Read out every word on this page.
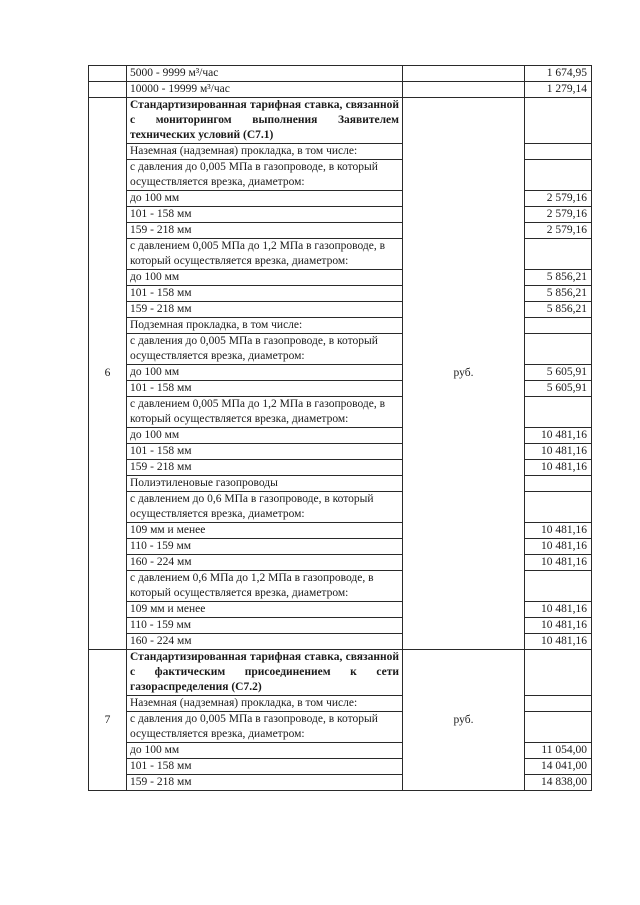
	5000 - 9999 м³/час		1 674,95
	10000 - 19999 м³/час		1 279,14
6	Стандартизированная тарифная ставка, связанной с мониторингом выполнения Заявителем технических условий (С7.1)	руб.	
	Наземная (надземная) прокладка, в том числе:		
	с давления до 0,005 МПа в газопроводе, в который осуществляется врезка, диаметром:		
	до 100 мм		2 579,16
	101 - 158 мм		2 579,16
	159 - 218 мм		2 579,16
	с давлением 0,005 МПа до 1,2 МПа в газопроводе, в который осуществляется врезка, диаметром:		
	до 100 мм		5 856,21
	101 - 158 мм		5 856,21
	159 - 218 мм		5 856,21
	Подземная прокладка, в том числе:		
	с давления до 0,005 МПа в газопроводе, в который осуществляется врезка, диаметром:		
	до 100 мм		5 605,91
	101 - 158 мм		5 605,91
	с давлением 0,005 МПа до 1,2 МПа в газопроводе, в который осуществляется врезка, диаметром:		
	до 100 мм		10 481,16
	101 - 158 мм		10 481,16
	159 - 218 мм		10 481,16
	Полиэтиленовые газопроводы		
	с давлением до 0,6 МПа в газопроводе, в который осуществляется врезка, диаметром:		
	109 мм и менее		10 481,16
	110 - 159 мм		10 481,16
	160 - 224 мм		10 481,16
	с давлением 0,6 МПа до 1,2 МПа в газопроводе, в который осуществляется врезка, диаметром:		
	109 мм и менее		10 481,16
	110 - 159 мм		10 481,16
	160 - 224 мм		10 481,16
7	Стандартизированная тарифная ставка, связанной с фактическим присоединением к сети газораспределения (С7.2)	руб.	
	Наземная (надземная) прокладка, в том числе:		
	с давления до 0,005 МПа в газопроводе, в который осуществляется врезка, диаметром:		
	до 100 мм		11 054,00
	101 - 158 мм		14 041,00
	159 - 218 мм		14 838,00
